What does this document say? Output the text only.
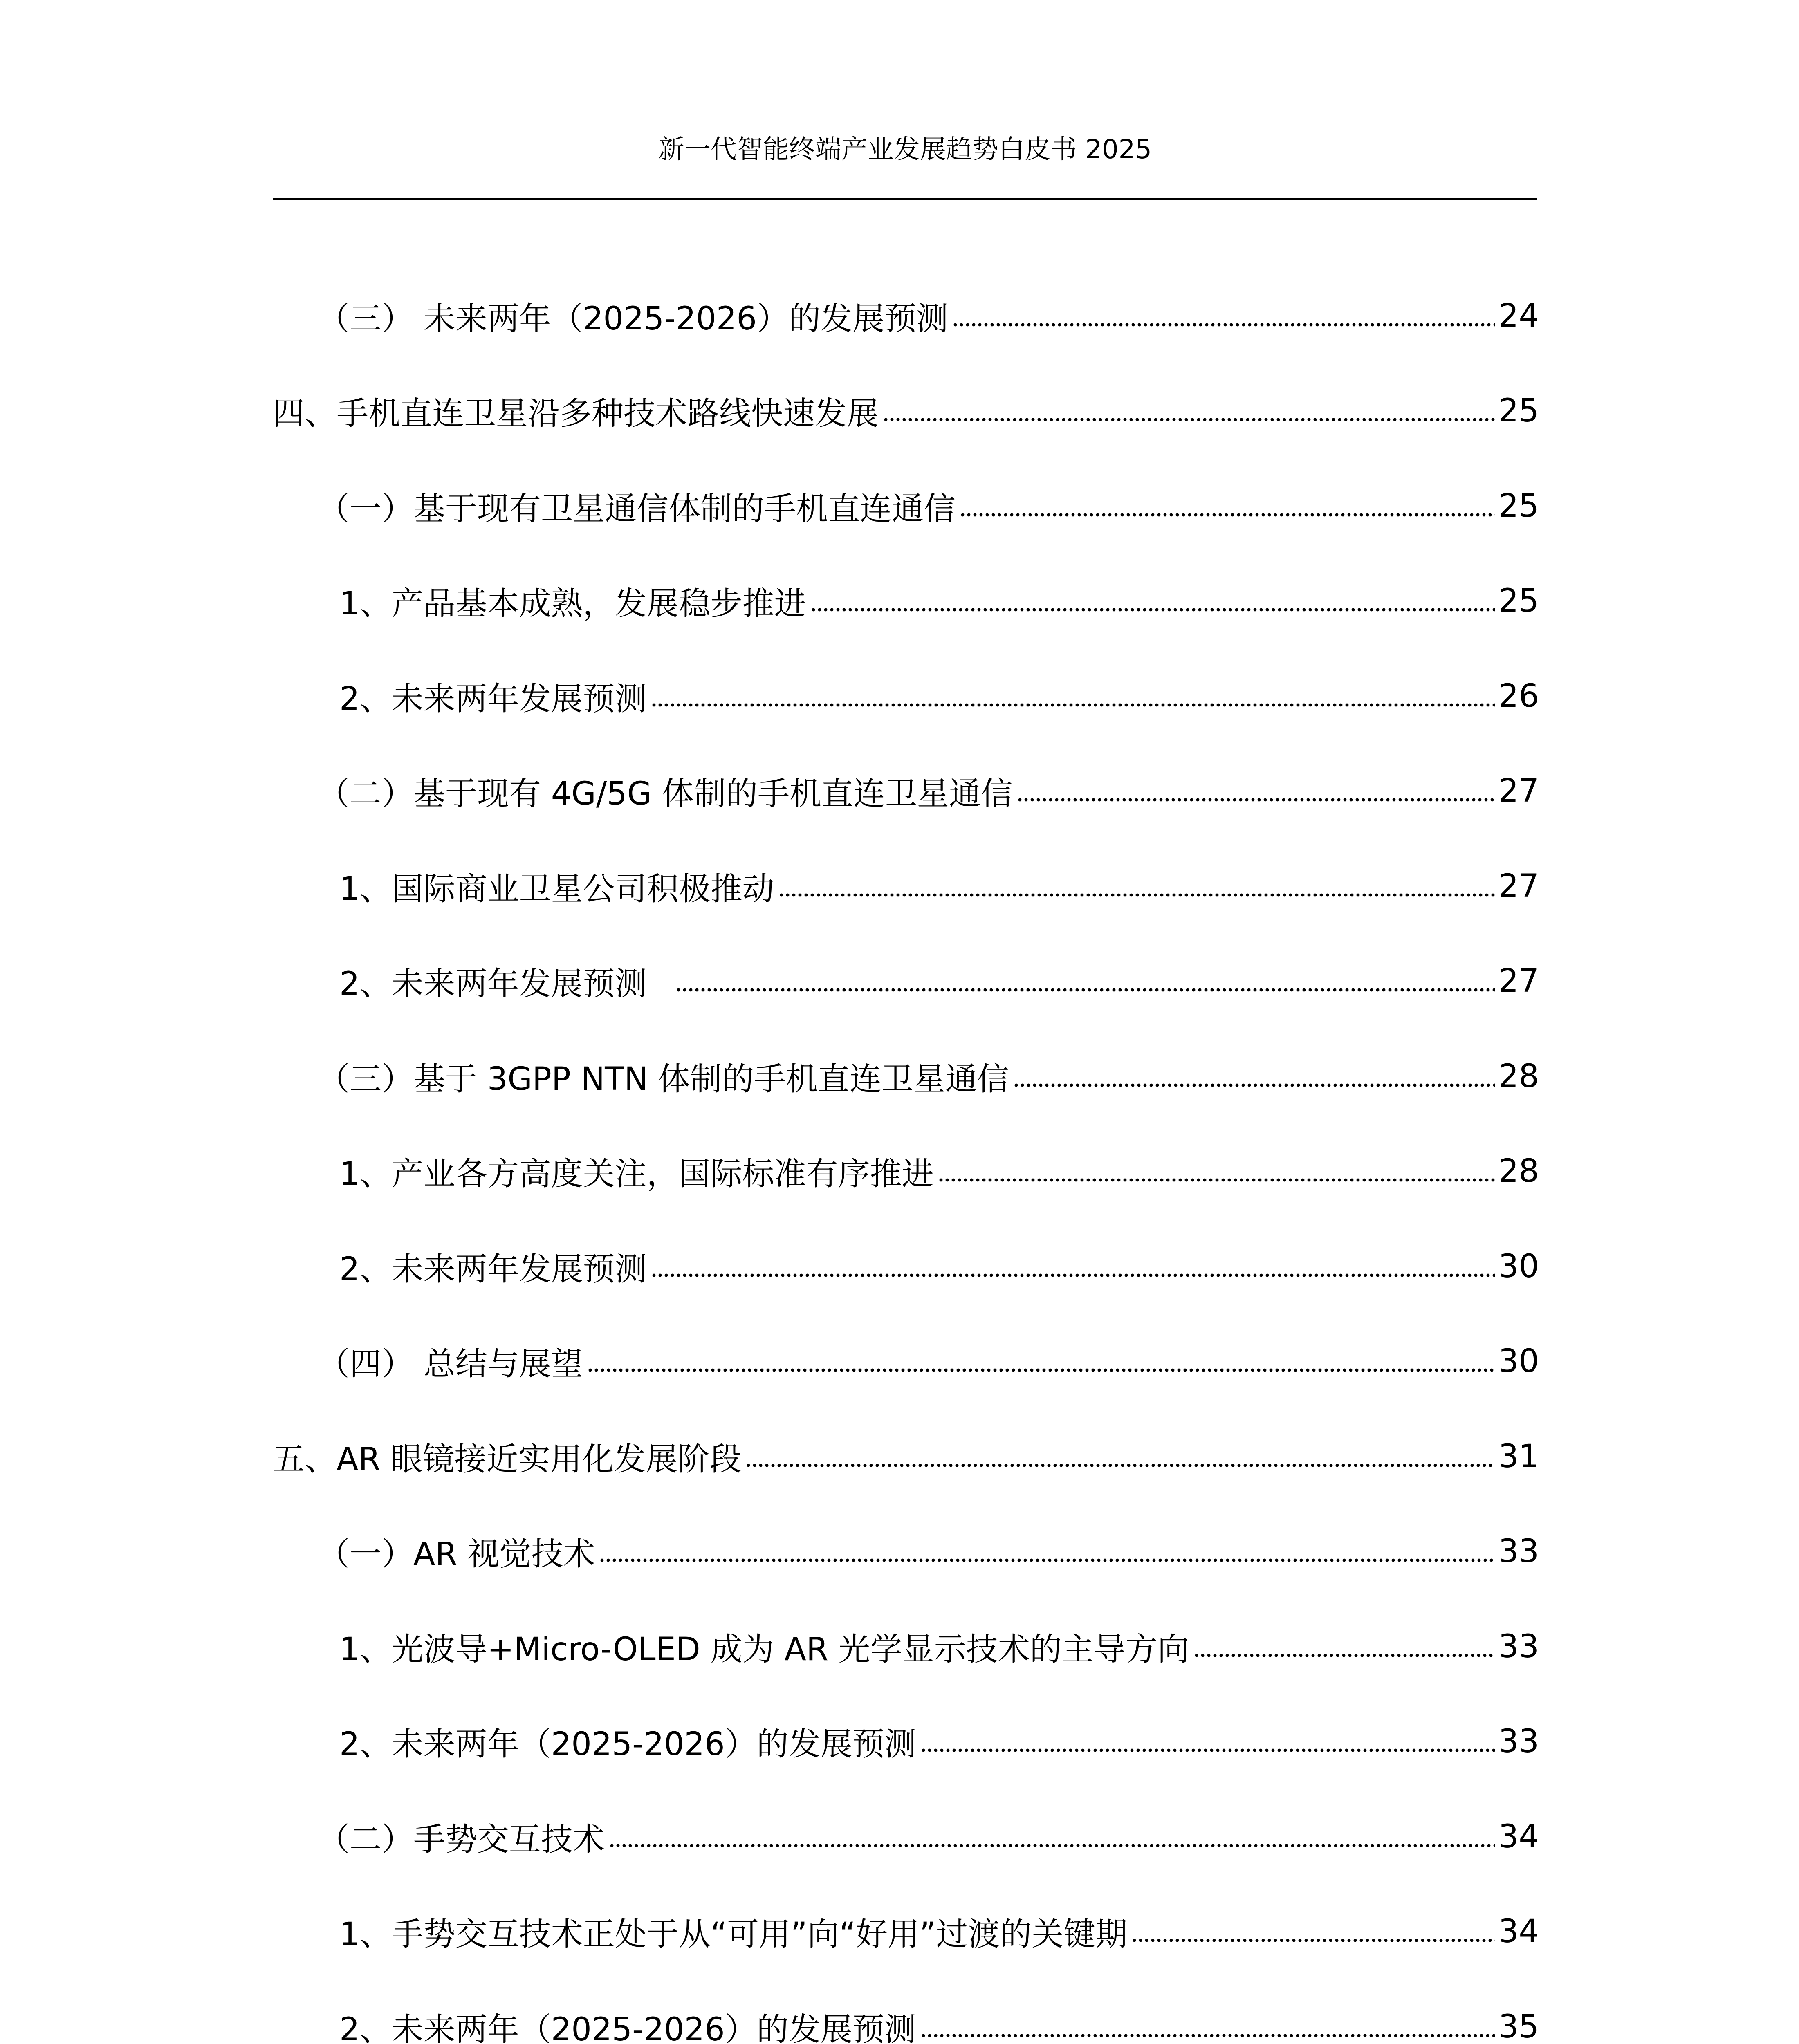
新一代智能终端产业发展趋势白皮书 2025
（三） 未来两年（2025-2026）的发展预测	24
四、手机直连卫星沿多种技术路线快速发展	25
（一）基于现有卫星通信体制的手机直连通信	25
1、产品基本成熟，发展稳步推进	25
2、未来两年发展预测	26
（二）基于现有 4G/5G 体制的手机直连卫星通信	27
1、国际商业卫星公司积极推动	27
2、未来两年发展预测	27
（三）基于 3GPP NTN 体制的手机直连卫星通信	28
1、产业各方高度关注，国际标准有序推进	28
2、未来两年发展预测	30
（四） 总结与展望	30
五、AR 眼镜接近实用化发展阶段	31
（一）AR 视觉技术	33
1、光波导+Micro-OLED 成为 AR 光学显示技术的主导方向	33
2、未来两年（2025-2026）的发展预测	33
（二）手势交互技术	34
1、手势交互技术正处于从“可用”向“好用”过渡的关键期	34
2、未来两年（2025-2026）的发展预测	35
